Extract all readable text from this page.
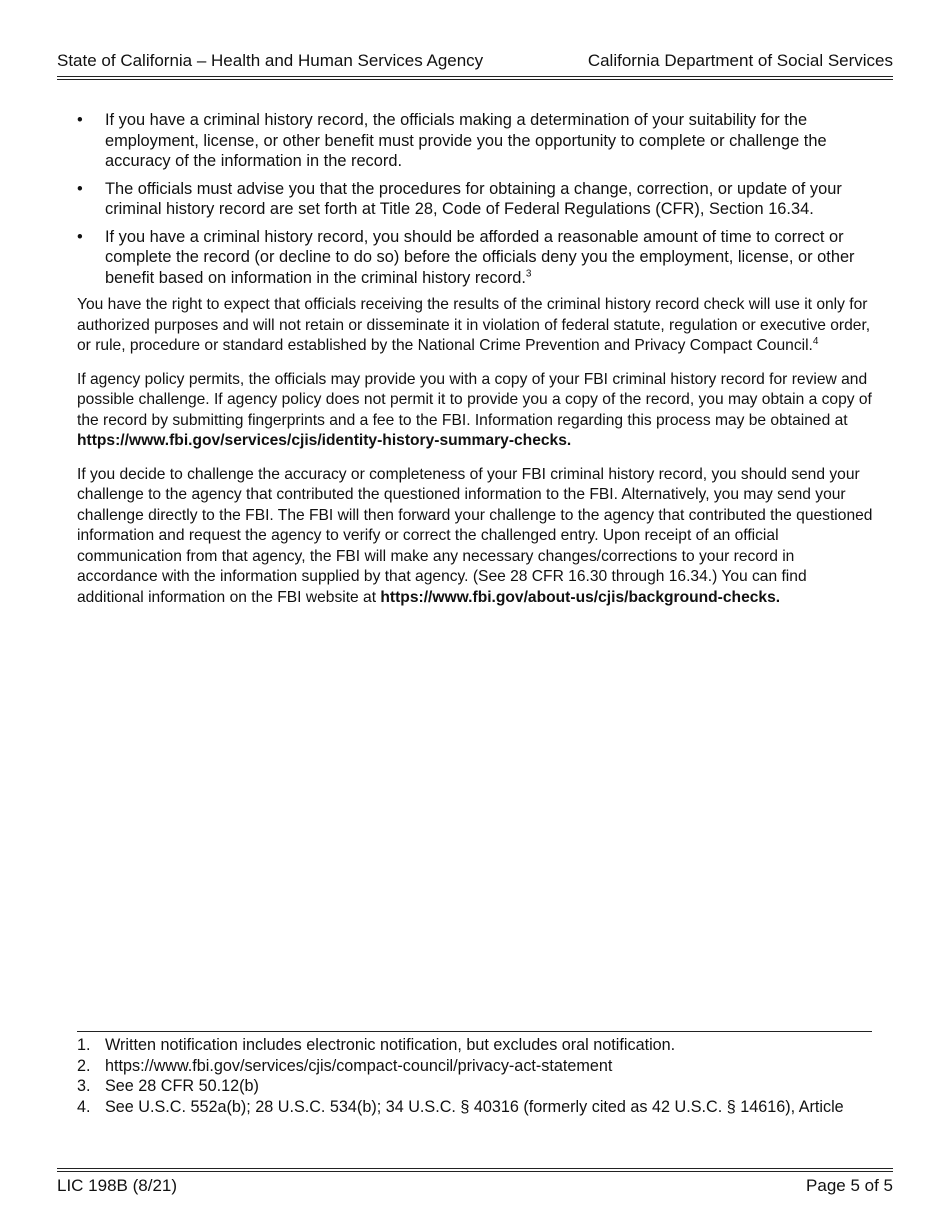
State of California – Health and Human Services Agency	California Department of Social Services
• If you have a criminal history record, the officials making a determination of your suitability for the employment, license, or other benefit must provide you the opportunity to complete or challenge the accuracy of the information in the record.
• The officials must advise you that the procedures for obtaining a change, correction, or update of your criminal history record are set forth at Title 28, Code of Federal Regulations (CFR), Section 16.34.
• If you have a criminal history record, you should be afforded a reasonable amount of time to correct or complete the record (or decline to do so) before the officials deny you the employment, license, or other benefit based on information in the criminal history record.$^3$

You have the right to expect that officials receiving the results of the criminal history record check will use it only for authorized purposes and will not retain or disseminate it in violation of federal statute, regulation or executive order, or rule, procedure or standard established by the National Crime Prevention and Privacy Compact Council.$^4$

If agency policy permits, the officials may provide you with a copy of your FBI criminal history record for review and possible challenge. If agency policy does not permit it to provide you a copy of the record, you may obtain a copy of the record by submitting fingerprints and a fee to the FBI. Information regarding this process may be obtained at https://www.fbi.gov/services/cjis/identity-history-summary-checks.

If you decide to challenge the accuracy or completeness of your FBI criminal history record, you should send your challenge to the agency that contributed the questioned information to the FBI. Alternatively, you may send your challenge directly to the FBI. The FBI will then forward your challenge to the agency that contributed the questioned information and request the agency to verify or correct the challenged entry. Upon receipt of an official communication from that agency, the FBI will make any necessary changes/corrections to your record in accordance with the information supplied by that agency. (See 28 CFR 16.30 through 16.34.) You can find additional information on the FBI website at https://www.fbi.gov/about-us/cjis/background-checks.

1. Written notification includes electronic notification, but excludes oral notification.
2. https://www.fbi.gov/services/cjis/compact-council/privacy-act-statement
3. See 28 CFR 50.12(b)
4. See U.S.C. 552a(b); 28 U.S.C. 534(b); 34 U.S.C. § 40316 (formerly cited as 42 U.S.C. § 14616), Article
LIC 198B (8/21)	Page 5 of 5
